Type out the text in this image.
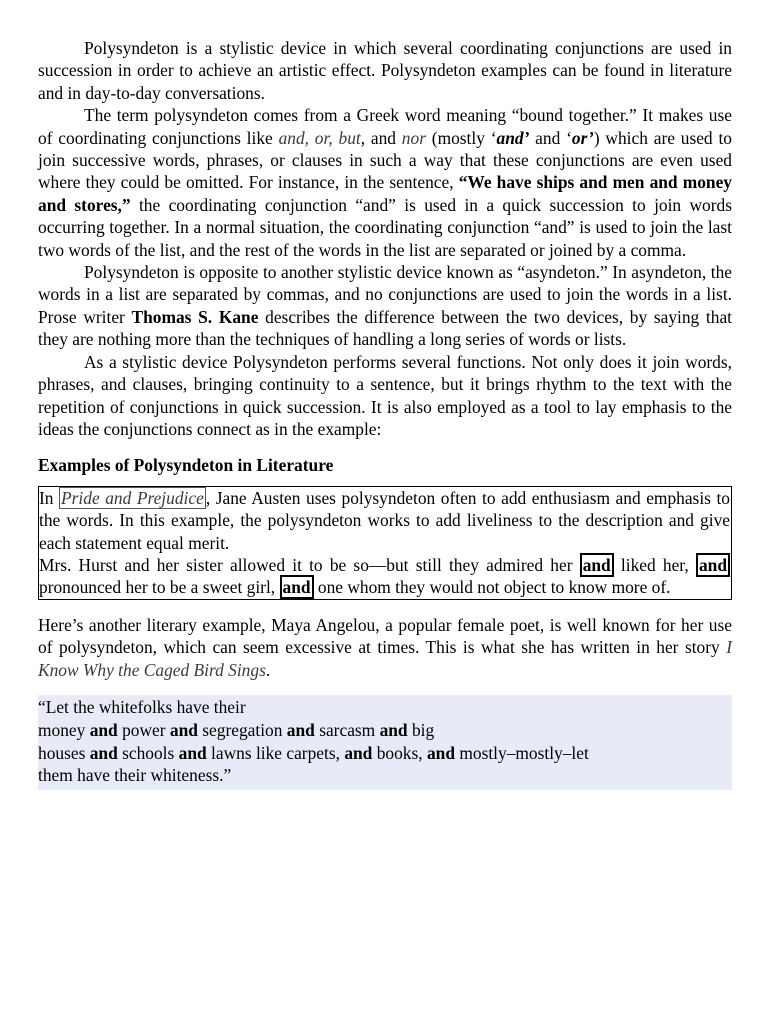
Polysyndeton is a stylistic device in which several coordinating conjunctions are used in succession in order to achieve an artistic effect. Polysyndeton examples can be found in literature and in day-to-day conversations.

The term polysyndeton comes from a Greek word meaning “bound together.” It makes use of coordinating conjunctions like and, or, but, and nor (mostly ‘and’ and ‘or’) which are used to join successive words, phrases, or clauses in such a way that these conjunctions are even used where they could be omitted. For instance, in the sentence, “We have ships and men and money and stores,” the coordinating conjunction “and” is used in a quick succession to join words occurring together. In a normal situation, the coordinating conjunction “and” is used to join the last two words of the list, and the rest of the words in the list are separated or joined by a comma.

Polysyndeton is opposite to another stylistic device known as “asyndeton.” In asyndeton, the words in a list are separated by commas, and no conjunctions are used to join the words in a list. Prose writer Thomas S. Kane describes the difference between the two devices, by saying that they are nothing more than the techniques of handling a long series of words or lists.

As a stylistic device Polysyndeton performs several functions. Not only does it join words, phrases, and clauses, bringing continuity to a sentence, but it brings rhythm to the text with the repetition of conjunctions in quick succession. It is also employed as a tool to lay emphasis to the ideas the conjunctions connect as in the example:

Examples of Polysyndeton in Literature

In Pride and Prejudice , Jane Austen uses polysyndeton often to add enthusiasm and emphasis to the words. In this example, the polysyndeton works to add liveliness to the description and give each statement equal merit.

Mrs. Hurst and her sister allowed it to be so—but still they admired her and liked her, and pronounced her to be a sweet girl, and one whom they would not object to know more of.

Here’s another literary example, Maya Angelou, a popular female poet, is well known for her use of polysyndeton, which can seem excessive at times. This is what she has written in her story I Know Why the Caged Bird Sings.

“Let the whitefolks have their
money and power and segregation and sarcasm and big
houses and schools and lawns like carpets, and books, and mostly–mostly–let
them have their whiteness.”
